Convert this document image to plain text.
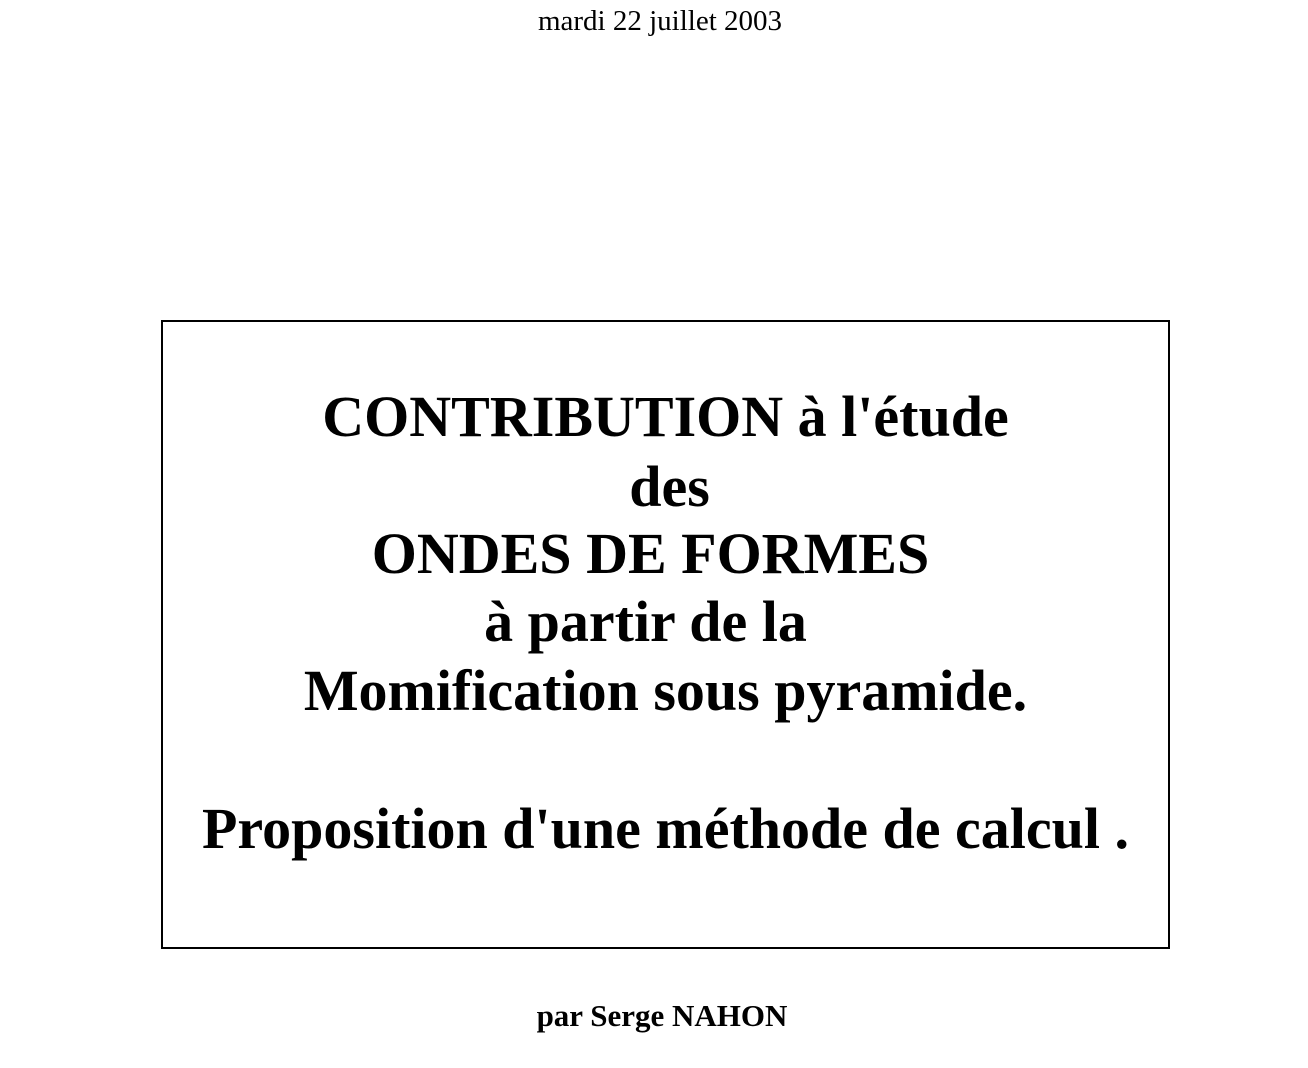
mardi 22 juillet 2003
CONTRIBUTION à l'étude
des
ONDES DE FORMES
à partir de la
Momification sous pyramide.
Proposition d'une méthode de calcul .
par Serge NAHON
